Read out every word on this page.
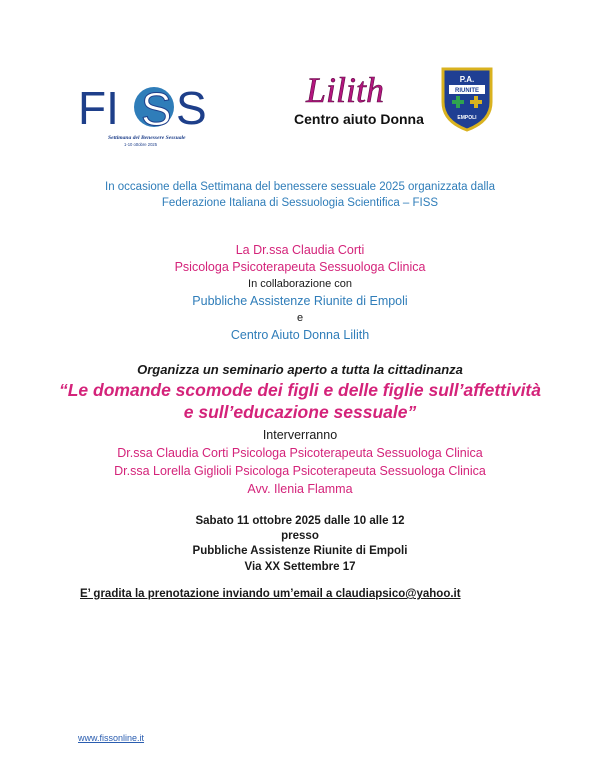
FI S S
Settimana del Benessere Sessuale
1-10 ottobre 2025
Lilith
Centro aiuto Donna
P.A.
RIUNITE
EMPOLI
In occasione della Settimana del benessere sessuale 2025 organizzata dalla
Federazione Italiana di Sessuologia Scientifica – FISS
La Dr.ssa Claudia Corti
Psicologa Psicoterapeuta Sessuologa Clinica
In collaborazione con
Pubbliche Assistenze Riunite di Empoli
e
Centro Aiuto Donna Lilith
Organizza un seminario aperto a tutta la cittadinanza
“Le domande scomode dei figli e delle figlie sull’affettività
e sull’educazione sessuale”
Interverranno
Dr.ssa Claudia Corti Psicologa Psicoterapeuta Sessuologa Clinica
Dr.ssa Lorella Giglioli Psicologa Psicoterapeuta Sessuologa Clinica
Avv. Ilenia Flamma
Sabato 11 ottobre 2025 dalle 10 alle 12
presso
Pubbliche Assistenze Riunite di Empoli
Via XX Settembre 17
E’ gradita la prenotazione inviando um’email a claudiapsico@yahoo.it
www.fissonline.it
